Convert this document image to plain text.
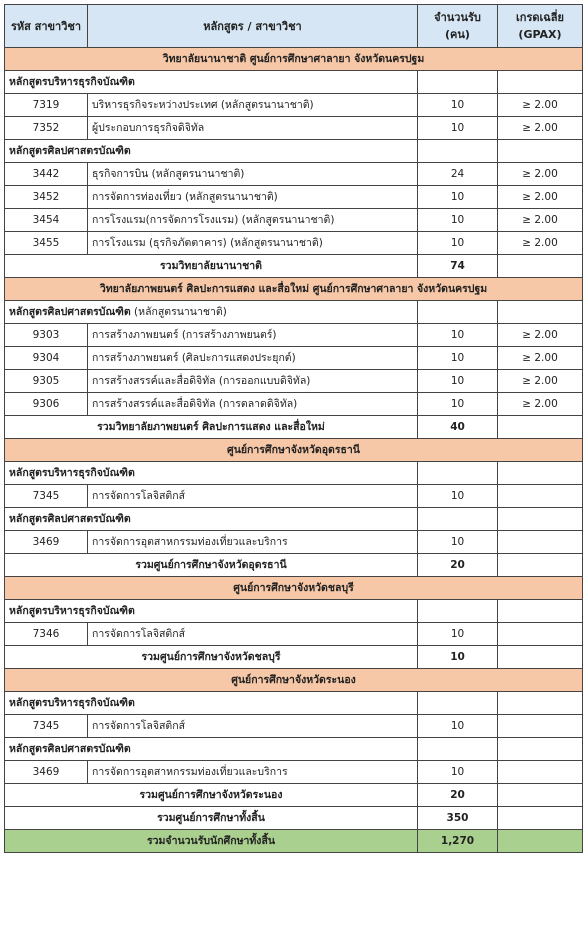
รหัส สาขาวิชา	หลักสูตร / สาขาวิชา	จำนวนรับ (คน)	เกรดเฉลี่ย (GPAX)
วิทยาลัยนานาชาติ ศูนย์การศึกษาศาลายา จังหวัดนครปฐม			
หลักสูตรบริหารธุรกิจบัณฑิต			
7319	บริหารธุรกิจระหว่างประเทศ (หลักสูตรนานาชาติ)	10	≥ 2.00
7352	ผู้ประกอบการธุรกิจดิจิทัล	10	≥ 2.00
หลักสูตรศิลปศาสตรบัณฑิต			
3442	ธุรกิจการบิน (หลักสูตรนานาชาติ)	24	≥ 2.00
3452	การจัดการท่องเที่ยว (หลักสูตรนานาชาติ)	10	≥ 2.00
3454	การโรงแรม(การจัดการโรงแรม) (หลักสูตรนานาชาติ)	10	≥ 2.00
3455	การโรงแรม (ธุรกิจภัตตาคาร) (หลักสูตรนานาชาติ)	10	≥ 2.00
รวมวิทยาลัยนานาชาติ		74	
วิทยาลัยภาพยนตร์ ศิลปะการแสดง และสื่อใหม่ ศูนย์การศึกษาศาลายา จังหวัดนครปฐม			
หลักสูตรศิลปศาสตรบัณฑิต (หลักสูตรนานาชาติ)			
9303	การสร้างภาพยนตร์ (การสร้างภาพยนตร์)	10	≥ 2.00
9304	การสร้างภาพยนตร์ (ศิลปะการแสดงประยุกต์)	10	≥ 2.00
9305	การสร้างสรรค์และสื่อดิจิทัล (การออกแบบดิจิทัล)	10	≥ 2.00
9306	การสร้างสรรค์และสื่อดิจิทัล (การตลาดดิจิทัล)	10	≥ 2.00
รวมวิทยาลัยภาพยนตร์ ศิลปะการแสดง และสื่อใหม่		40	
ศูนย์การศึกษาจังหวัดอุดรธานี			
หลักสูตรบริหารธุรกิจบัณฑิต			
7345	การจัดการโลจิสติกส์	10	
หลักสูตรศิลปศาสตรบัณฑิต			
3469	การจัดการอุตสาหกรรมท่องเที่ยวและบริการ	10	
รวมศูนย์การศึกษาจังหวัดอุดรธานี		20	
ศูนย์การศึกษาจังหวัดชลบุรี			
หลักสูตรบริหารธุรกิจบัณฑิต			
7346	การจัดการโลจิสติกส์	10	
รวมศูนย์การศึกษาจังหวัดชลบุรี		10	
ศูนย์การศึกษาจังหวัดระนอง			
หลักสูตรบริหารธุรกิจบัณฑิต			
7345	การจัดการโลจิสติกส์	10	
หลักสูตรศิลปศาสตรบัณฑิต			
3469	การจัดการอุตสาหกรรมท่องเที่ยวและบริการ	10	
รวมศูนย์การศึกษาจังหวัดระนอง		20	
รวมศูนย์การศึกษาทั้งสิ้น		350	
รวมจำนวนรับนักศึกษาทั้งสิ้น		1,270	
